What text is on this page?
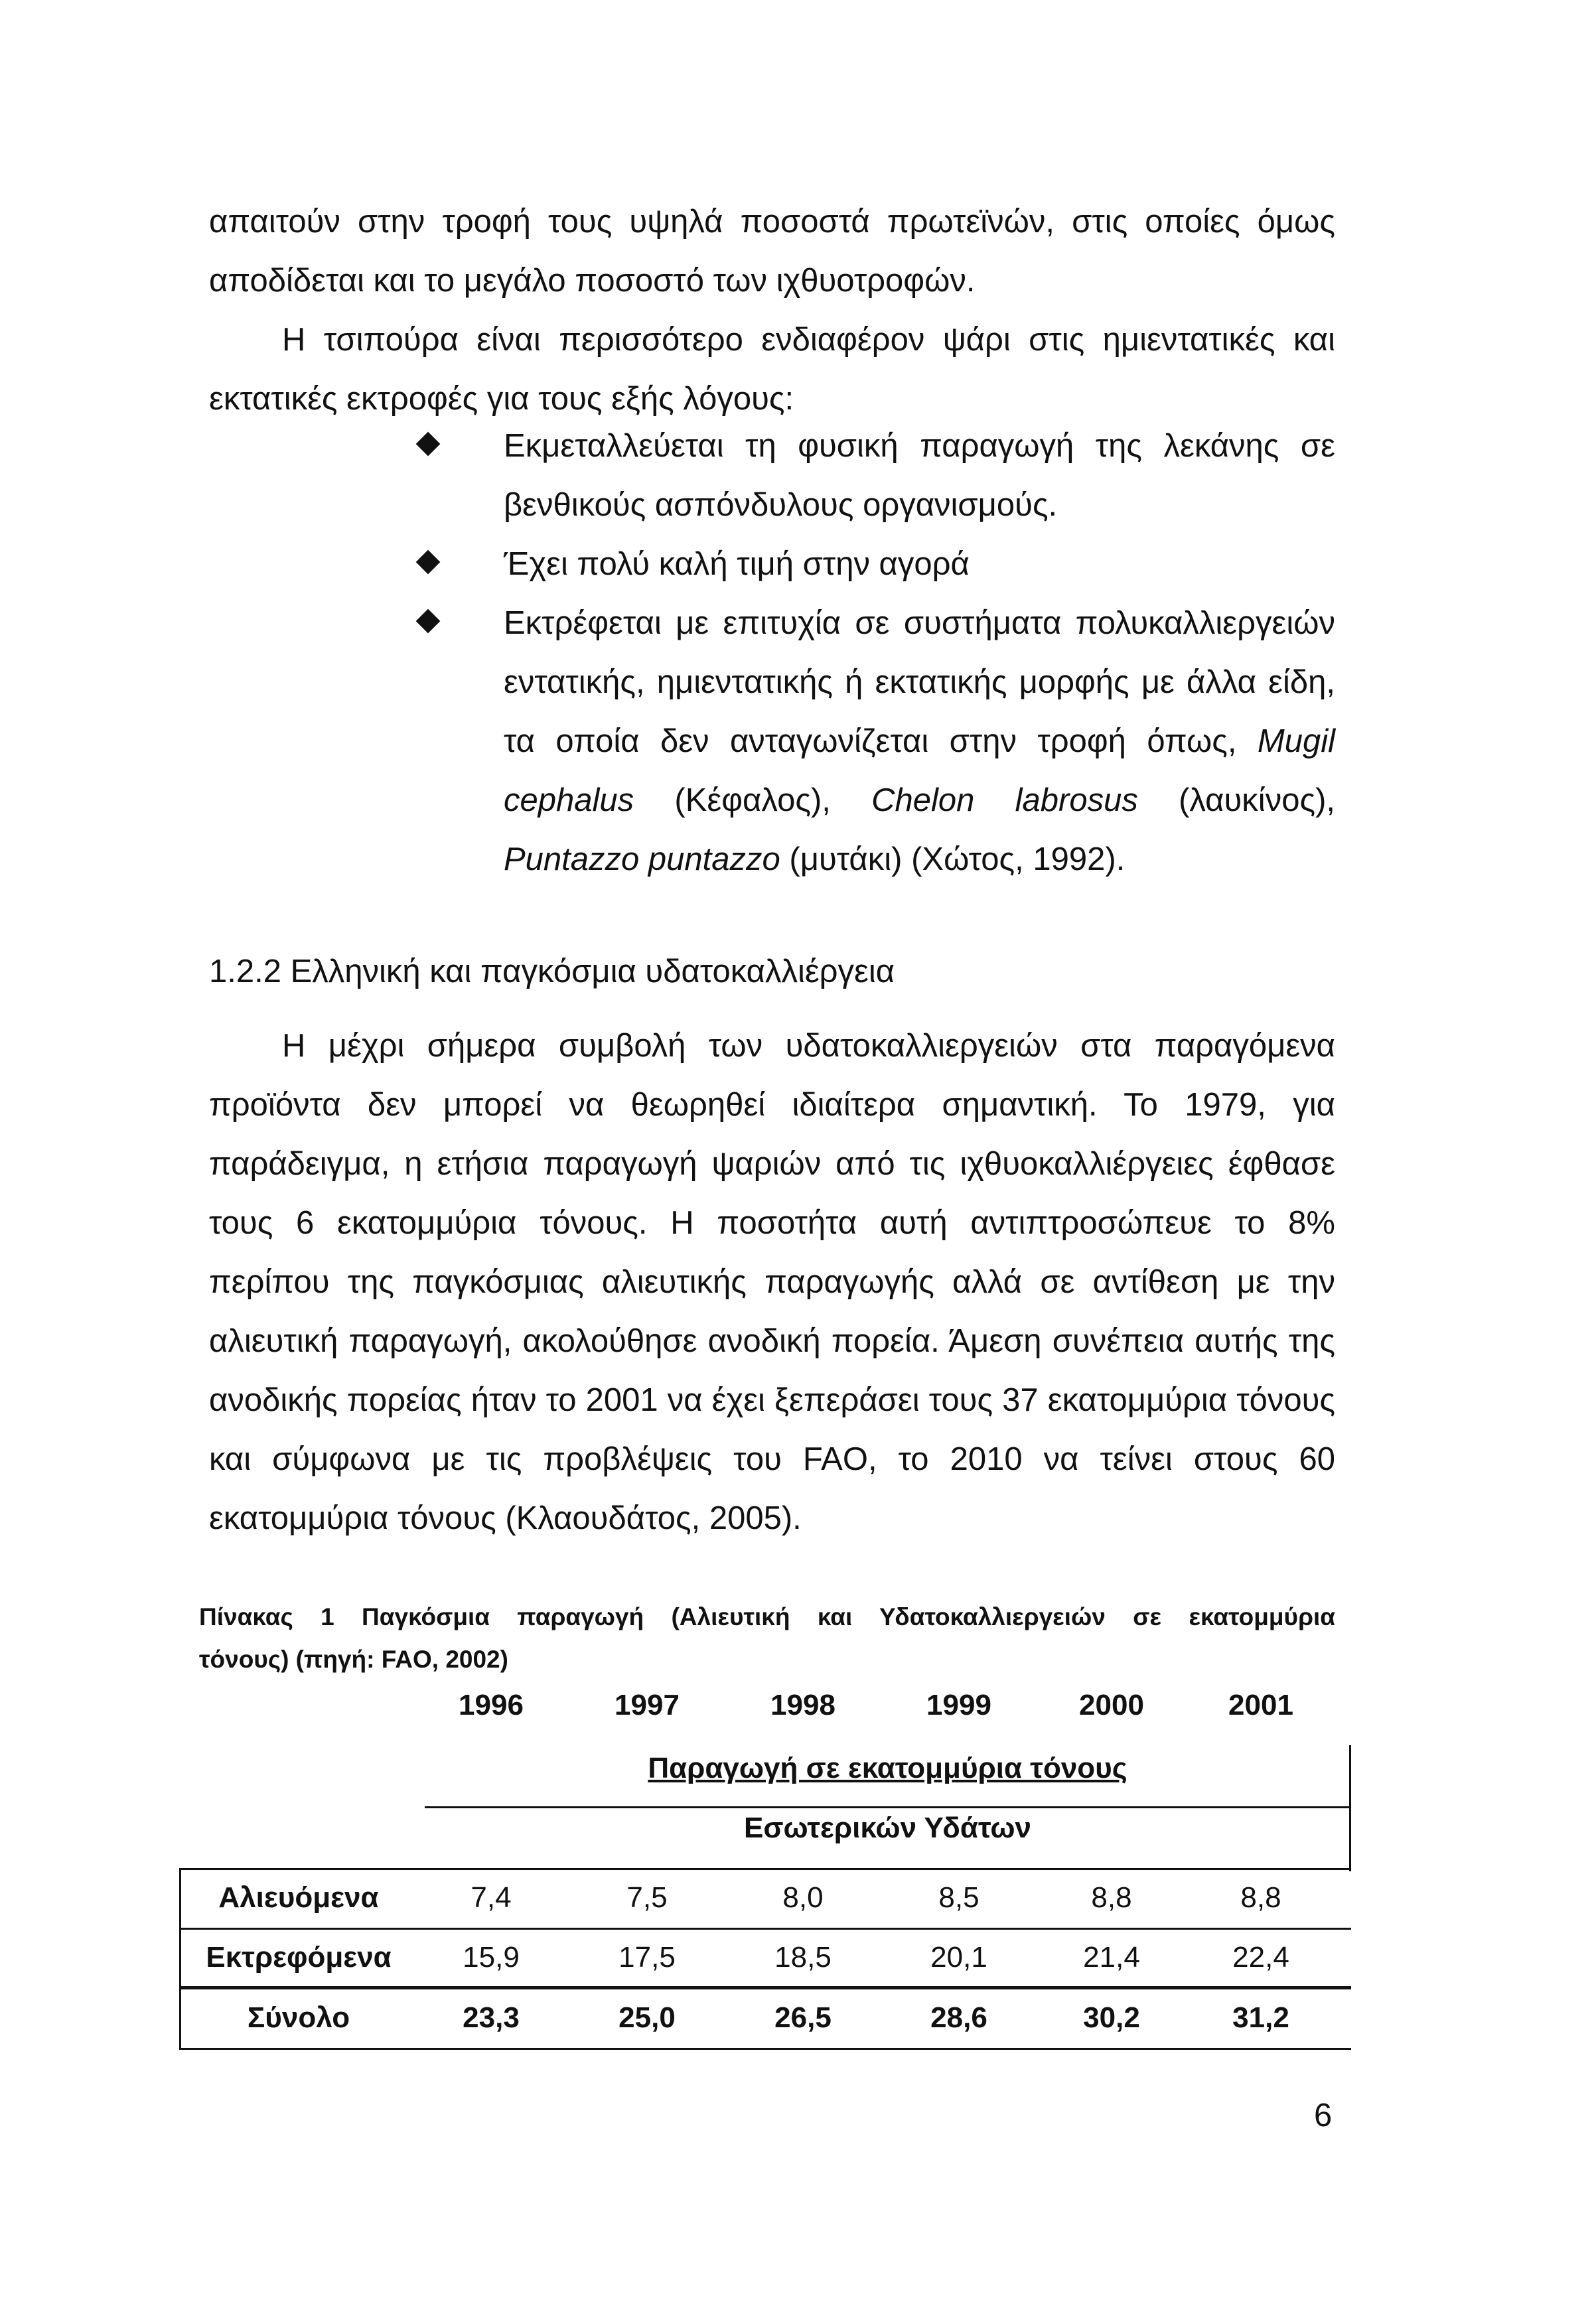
απαιτούν στην τροφή τους υψηλά ποσοστά πρωτεϊνών, στις οποίες όμως
αποδίδεται και το μεγάλο ποσοστό των ιχθυοτροφών.
Η τσιπούρα είναι περισσότερο ενδιαφέρον ψάρι στις ημιεντατικές και
εκτατικές εκτροφές για τους εξής λόγους:
Εκμεταλλεύεται τη φυσική παραγωγή της λεκάνης σε
βενθικούς ασπόνδυλους οργανισμούς.
Έχει πολύ καλή τιμή στην αγορά
Εκτρέφεται με επιτυχία σε συστήματα πολυκαλλιεργειών
εντατικής, ημιεντατικής ή εκτατικής μορφής με άλλα είδη,
τα οποία δεν ανταγωνίζεται στην τροφή όπως, Mugil
cephalus (Κέφαλος), Chelon labrosus (λαυκίνος),
Puntazzo puntazzo (μυτάκι) (Χώτος, 1992).
1.2.2 Ελληνική και παγκόσμια υδατοκαλλιέργεια
Η μέχρι σήμερα συμβολή των υδατοκαλλιεργειών στα παραγόμενα
προϊόντα δεν μπορεί να θεωρηθεί ιδιαίτερα σημαντική. Το 1979, για
παράδειγμα, η ετήσια παραγωγή ψαριών από τις ιχθυοκαλλιέργειες έφθασε
τους 6 εκατομμύρια τόνους. Η ποσοτήτα αυτή αντιπτροσώπευε το 8%
περίπου της παγκόσμιας αλιευτικής παραγωγής αλλά σε αντίθεση με την
αλιευτική παραγωγή, ακολούθησε ανοδική πορεία. Άμεση συνέπεια αυτής της
ανοδικής πορείας ήταν το 2001 να έχει ξεπεράσει τους 37 εκατομμύρια τόνους
και σύμφωνα με τις προβλέψεις του FAO, το 2010 να τείνει στους 60
εκατομμύρια τόνους (Κλαουδάτος, 2005).
Πίνακας 1 Παγκόσμια παραγωγή (Αλιευτική και Υδατοκαλλιεργειών σε εκατομμύρια
τόνους) (πηγή: FAO, 2002)
1996	1997	1998	1999	2000	2001
Παραγωγή σε εκατομμύρια τόνους
Εσωτερικών Υδάτων
Αλιευόμενα	7,4	7,5	8,0	8,5	8,8	8,8
Εκτρεφόμενα	15,9	17,5	18,5	20,1	21,4	22,4
Σύνολο	23,3	25,0	26,5	28,6	30,2	31,2
6
